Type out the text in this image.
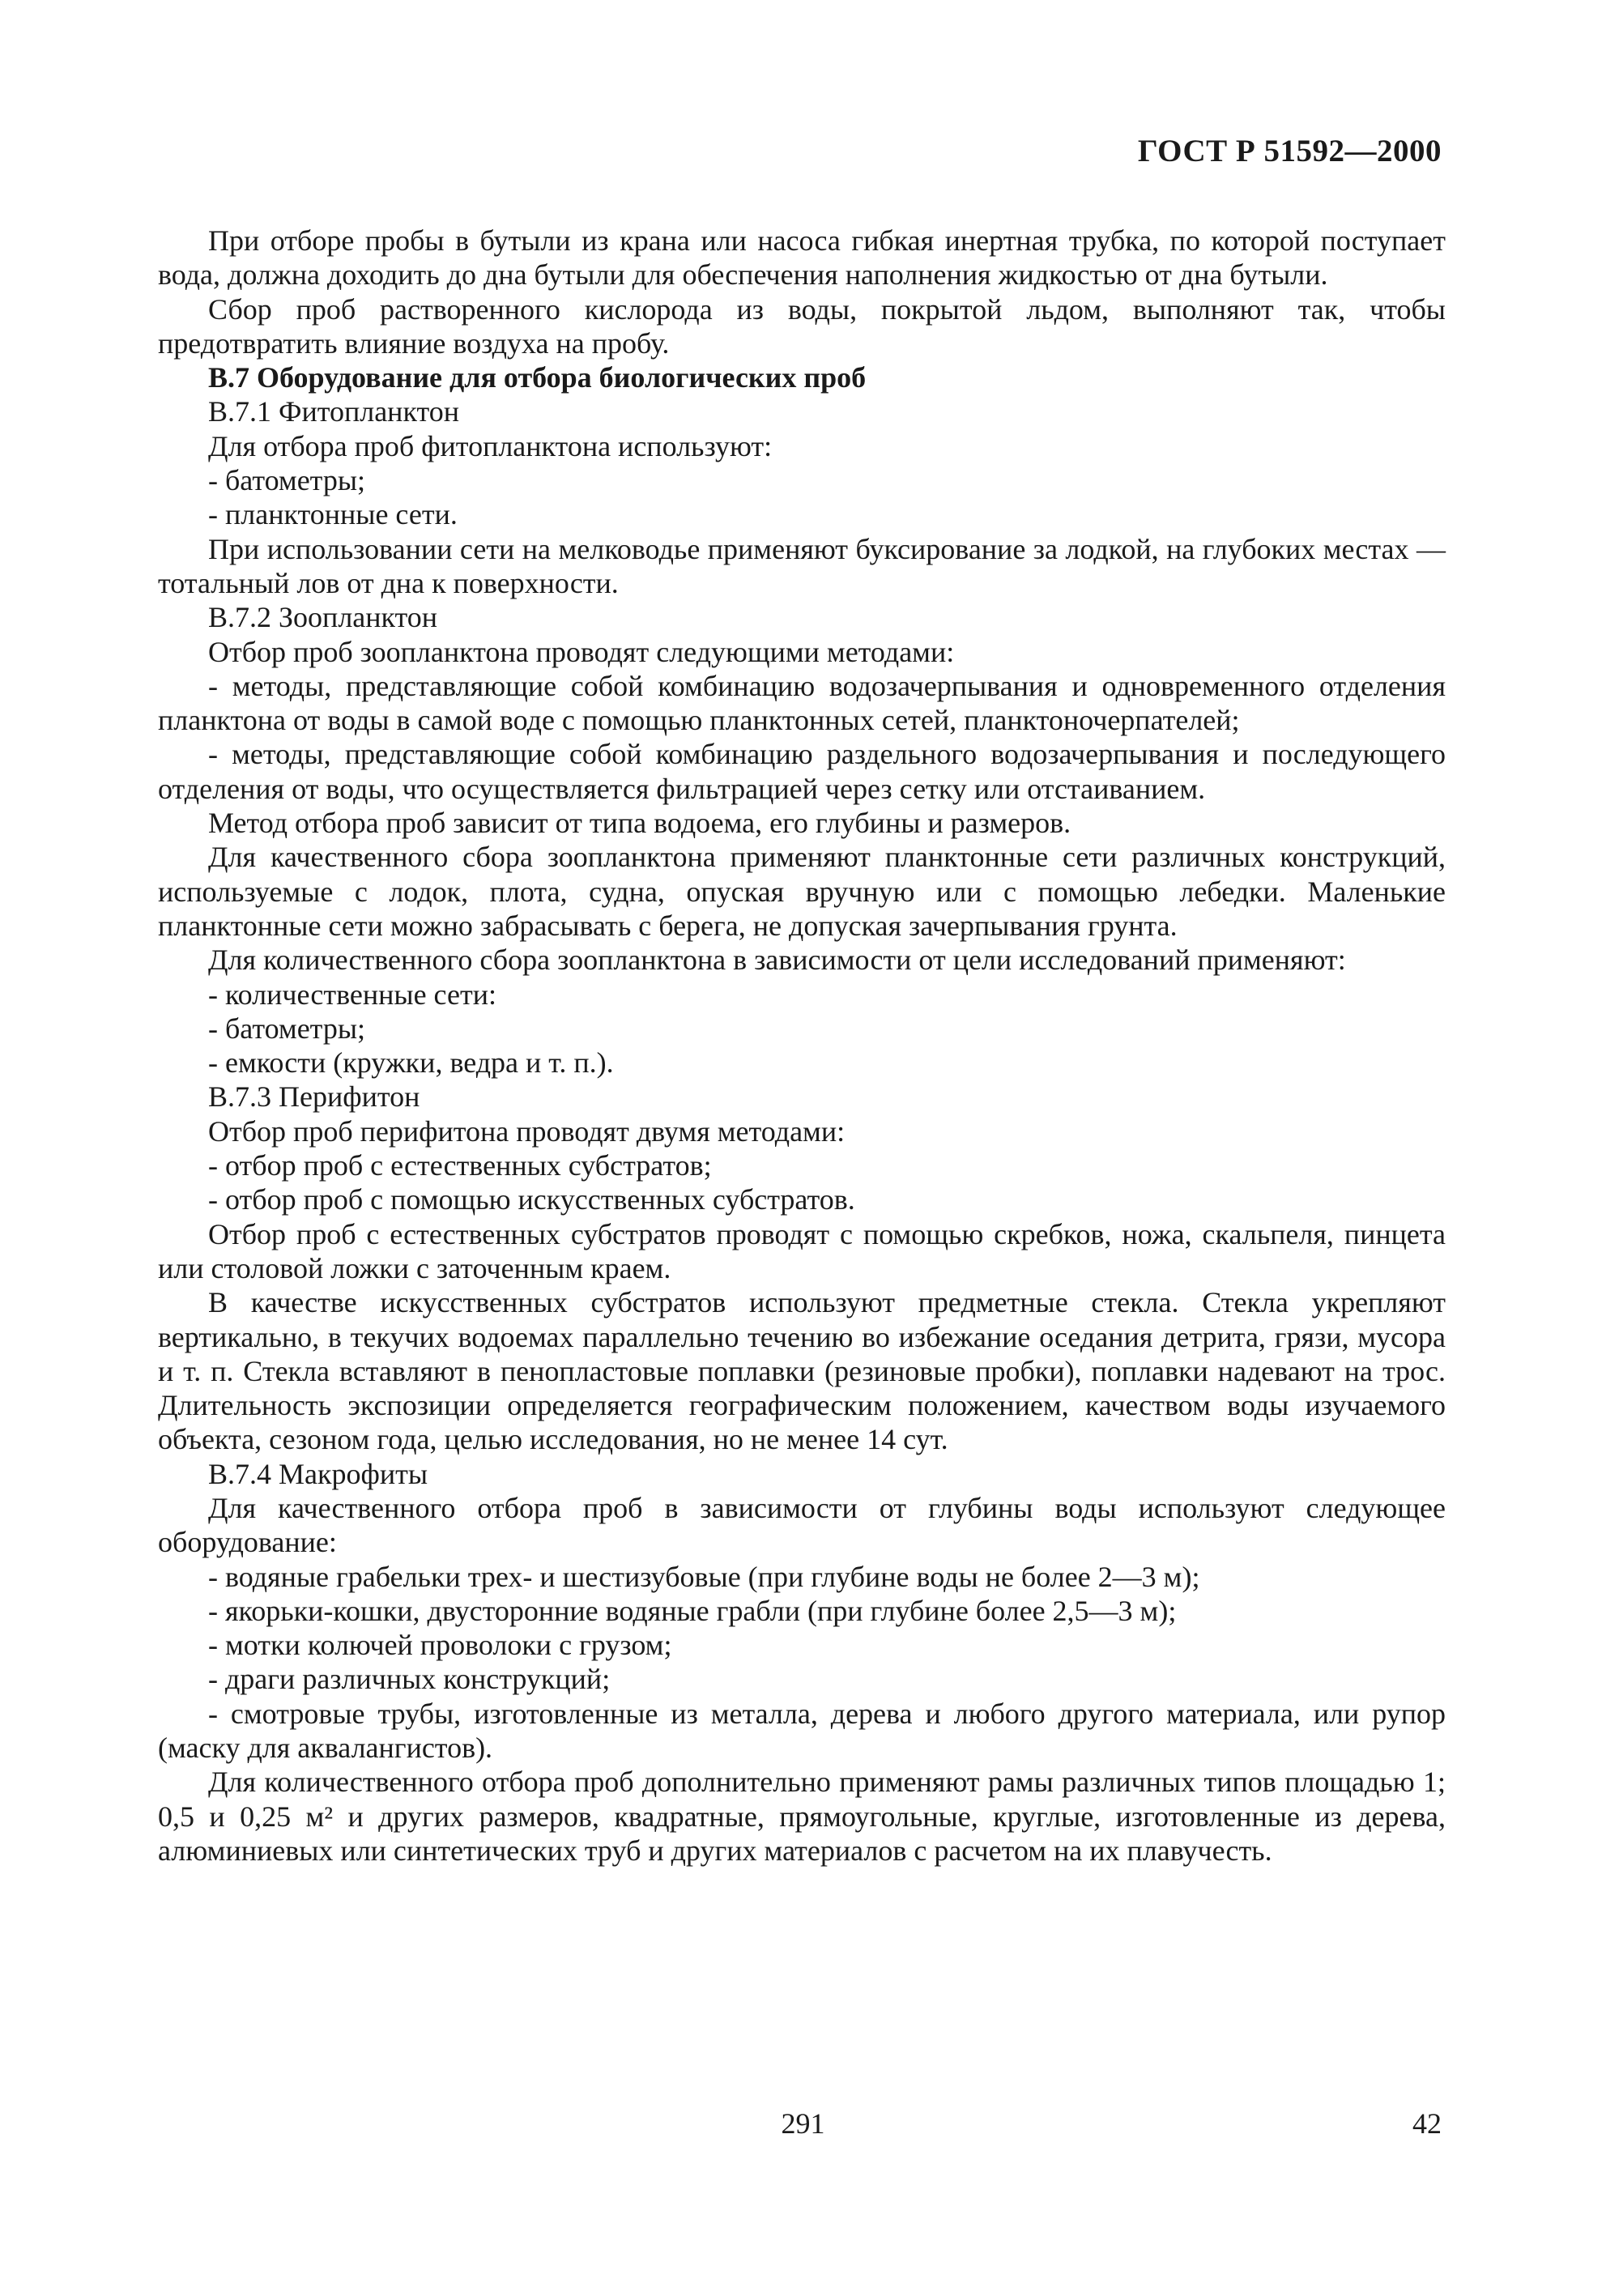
ГОСТ Р 51592—2000

При отборе пробы в бутыли из крана или насоса гибкая инертная трубка, по которой поступает вода, должна доходить до дна бутыли для обеспечения наполнения жидкостью от дна бутыли.

Сбор проб растворенного кислорода из воды, покрытой льдом, выполняют так, чтобы предотвратить влияние воздуха на пробу.

В.7 Оборудование для отбора биологических проб

В.7.1 Фитопланктон

Для отбора проб фитопланктона используют:

- батометры;

- планктонные сети.

При использовании сети на мелководье применяют буксирование за лодкой, на глубоких местах — тотальный лов от дна к поверхности.

В.7.2 Зоопланктон

Отбор проб зоопланктона проводят следующими методами:

- методы, представляющие собой комбинацию водозачерпывания и одновременного отделения планктона от воды в самой воде с помощью планктонных сетей, планктоночерпателей;

- методы, представляющие собой комбинацию раздельного водозачерпывания и последующего отделения от воды, что осуществляется фильтрацией через сетку или отстаиванием.

Метод отбора проб зависит от типа водоема, его глубины и размеров.

Для качественного сбора зоопланктона применяют планктонные сети различных конструкций, используемые с лодок, плота, судна, опуская вручную или с помощью лебедки. Маленькие планктонные сети можно забрасывать с берега, не допуская зачерпывания грунта.

Для количественного сбора зоопланктона в зависимости от цели исследований применяют:

- количественные сети:

- батометры;

- емкости (кружки, ведра и т. п.).

В.7.3 Перифитон

Отбор проб перифитона проводят двумя методами:

- отбор проб с естественных субстратов;

- отбор проб с помощью искусственных субстратов.

Отбор проб с естественных субстратов проводят с помощью скребков, ножа, скальпеля, пинцета или столовой ложки с заточенным краем.

В качестве искусственных субстратов используют предметные стекла. Стекла укрепляют вертикально, в текучих водоемах параллельно течению во избежание оседания детрита, грязи, мусора и т. п. Стекла вставляют в пенопластовые поплавки (резиновые пробки), поплавки надевают на трос. Длительность экспозиции определяется географическим положением, качеством воды изучаемого объекта, сезоном года, целью исследования, но не менее 14 сут.

В.7.4 Макрофиты

Для качественного отбора проб в зависимости от глубины воды используют следующее оборудование:

- водяные грабельки трех- и шестизубовые (при глубине воды не более 2—3 м);

- якорьки-кошки, двусторонние водяные грабли (при глубине более 2,5—3 м);

- мотки колючей проволоки с грузом;

- драги различных конструкций;

- смотровые трубы, изготовленные из металла, дерева и любого другого материала, или рупор (маску для аквалангистов).

Для количественного отбора проб дополнительно применяют рамы различных типов площадью 1; 0,5 и 0,25 м² и других размеров, квадратные, прямоугольные, круглые, изготовленные из дерева, алюминиевых или синтетических труб и других материалов с расчетом на их плавучесть.

291	42
